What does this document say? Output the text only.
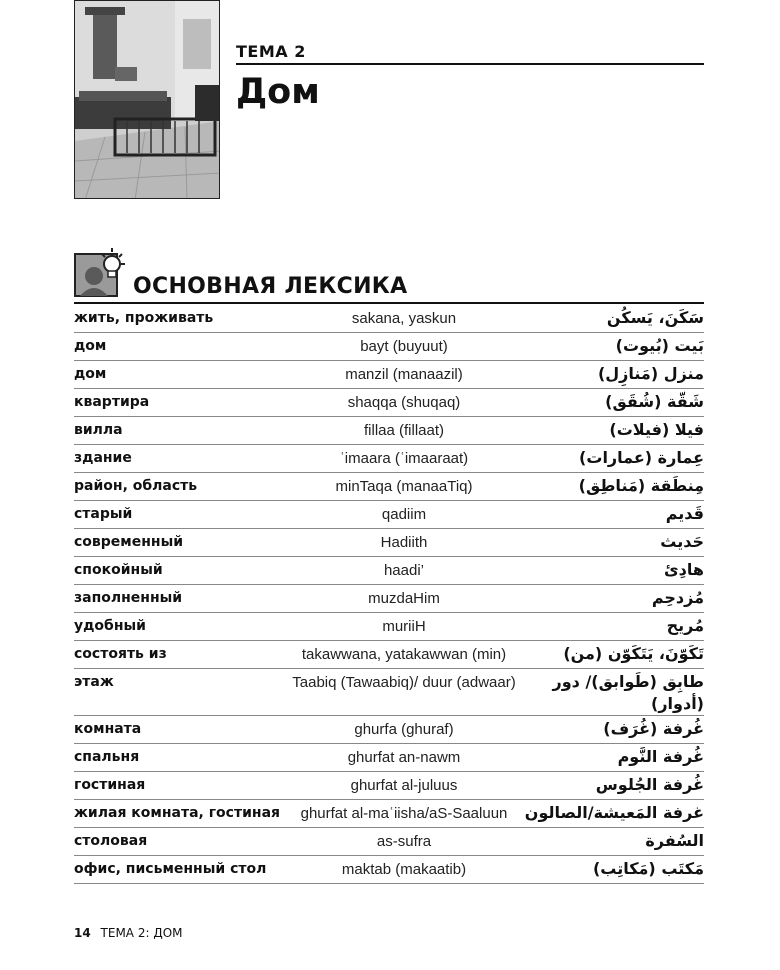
ТЕМА 2
Дом
ОСНОВНАЯ ЛЕКСИКА
жить, проживать	sakana, yaskun	سَكَنَ، يَسكُن
дом	bayt (buyuut)	بَيت (بُيوت)
дом	manzil (manaazil)	منزل (مَنازِل)
квартира	shaqqa (shuqaq)	شَقّة (شُقَق)
вилла	fillaa (fillaat)	فيلا (فيلات)
здание	ʿimaara (ʿimaaraat)	عِمارة (عمارات)
район, область	minTaqa (manaaTiq)	مِنطَقة (مَناطِق)
старый	qadiim	قَديم
современный	Hadiith	حَديث
спокойный	haadi’	هادِئ
заполненный	muzdaHim	مُزدحِم
удобный	muriiH	مُريح
состоять из	takawwana, yatakawwan (min)	تَكَوّنَ، يَتَكَوّن (من)
этаж	Taabiq (Tawaabiq)/ duur (adwaar)	طابِق (طَوابق)/ دور (أدوار)
комната	ghurfa (ghuraf)	غُرفة (غُرَف)
спальня	ghurfat an-nawm	غُرفة النَّوم
гостиная	ghurfat al-juluus	غُرفة الجُلوس
жилая комната, гостиная	ghurfat al-maʿiisha/aS-Saaluun	غرفة المَعيشة/الصالون
столовая	as-sufra	السُفرة
офис, письменный стол	maktab (makaatib)	مَكتَب (مَكاتِب)
14 ТЕМА 2: ДОМ
